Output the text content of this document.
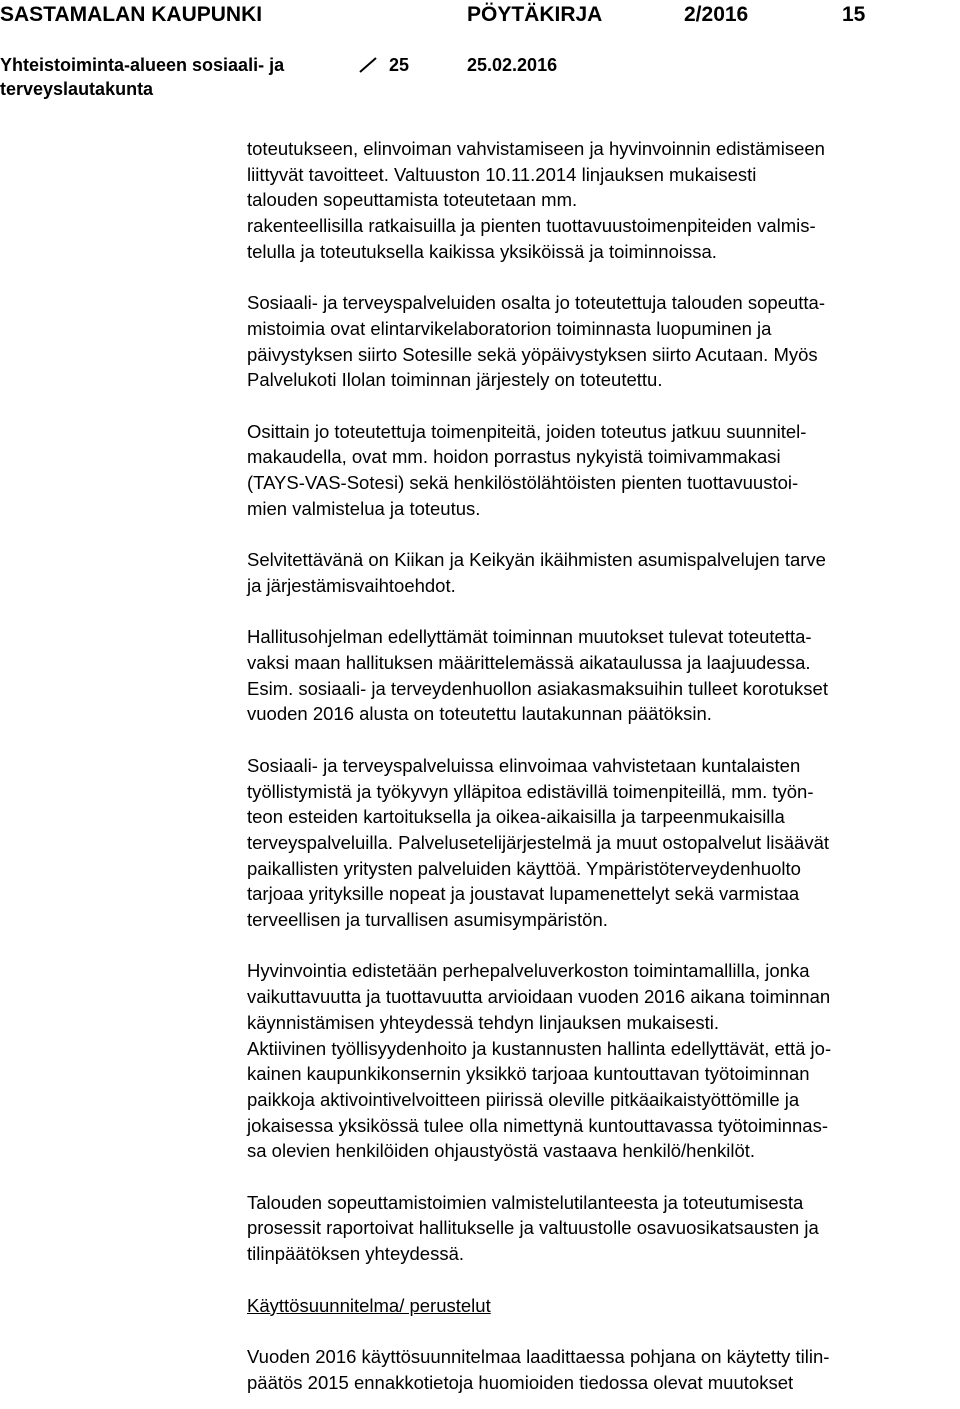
SASTAMALAN KAUPUNKI	PÖYTÄKIRJA	2/2016	15
Yhteistoiminta-alueen sosiaali- ja
terveyslautakunta
25	25.02.2016
toteutukseen, elinvoiman vahvistamiseen ja hyvinvoinnin edistämiseen
liittyvät tavoitteet. Valtuuston 10.11.2014 linjauksen mukaisesti
talouden sopeuttamista toteutetaan mm.
rakenteellisilla ratkaisuilla ja pienten tuottavuustoimenpiteiden valmis-
telulla ja toteutuksella kaikissa yksiköissä ja toiminnoissa.
Sosiaali- ja terveyspalveluiden osalta jo toteutettuja talouden sopeutta-
mistoimia ovat elintarvikelaboratorion toiminnasta luopuminen ja
päivystyksen siirto Sotesille sekä yöpäivystyksen siirto Acutaan. Myös
Palvelukoti Ilolan toiminnan järjestely on toteutettu.
Osittain jo toteutettuja toimenpiteitä, joiden toteutus jatkuu suunnitel-
makaudella, ovat mm. hoidon porrastus nykyistä toimivammakasi
(TAYS-VAS-Sotesi) sekä henkilöstölähtöisten pienten tuottavuustoi-
mien valmistelua ja toteutus.
Selvitettävänä on Kiikan ja Keikyän ikäihmisten asumispalvelujen tarve
ja järjestämisvaihtoehdot.
Hallitusohjelman edellyttämät toiminnan muutokset tulevat toteutetta-
vaksi maan hallituksen määrittelemässä aikataulussa ja laajuudessa.
Esim. sosiaali- ja terveydenhuollon asiakasmaksuihin tulleet korotukset
vuoden 2016 alusta on toteutettu lautakunnan päätöksin.
Sosiaali- ja terveyspalveluissa elinvoimaa vahvistetaan kuntalaisten
työllistymistä ja työkyvyn ylläpitoa edistävillä toimenpiteillä, mm. työn-
teon esteiden kartoituksella ja oikea-aikaisilla ja tarpeenmukaisilla
terveyspalveluilla. Palvelusetelijärjestelmä ja muut ostopalvelut lisäävät
paikallisten yritysten palveluiden käyttöä. Ympäristöterveydenhuolto
tarjoaa yrityksille nopeat ja joustavat lupamenettelyt sekä varmistaa
terveellisen ja turvallisen asumisympäristön.
Hyvinvointia edistetään perhepalveluverkoston toimintamallilla, jonka
vaikuttavuutta ja tuottavuutta arvioidaan vuoden 2016 aikana toiminnan
käynnistämisen yhteydessä tehdyn linjauksen mukaisesti.
Aktiivinen työllisyydenhoito ja kustannusten hallinta edellyttävät, että jo-
kainen kaupunkikonsernin yksikkö tarjoaa kuntouttavan työtoiminnan
paikkoja aktivointivelvoitteen piirissä oleville pitkäaikaistyöttömille ja
jokaisessa yksikössä tulee olla nimettynä kuntouttavassa työtoiminnas-
sa olevien henkilöiden ohjaustyöstä vastaava henkilö/henkilöt.
Talouden sopeuttamistoimien valmistelutilanteesta ja toteutumisesta
prosessit raportoivat hallitukselle ja valtuustolle osavuosikatsausten ja
tilinpäätöksen yhteydessä.
Käyttösuunnitelma/ perustelut
Vuoden 2016 käyttösuunnitelmaa laadittaessa pohjana on käytetty tilin-
päätös 2015 ennakkotietoja huomioiden tiedossa olevat muutokset
